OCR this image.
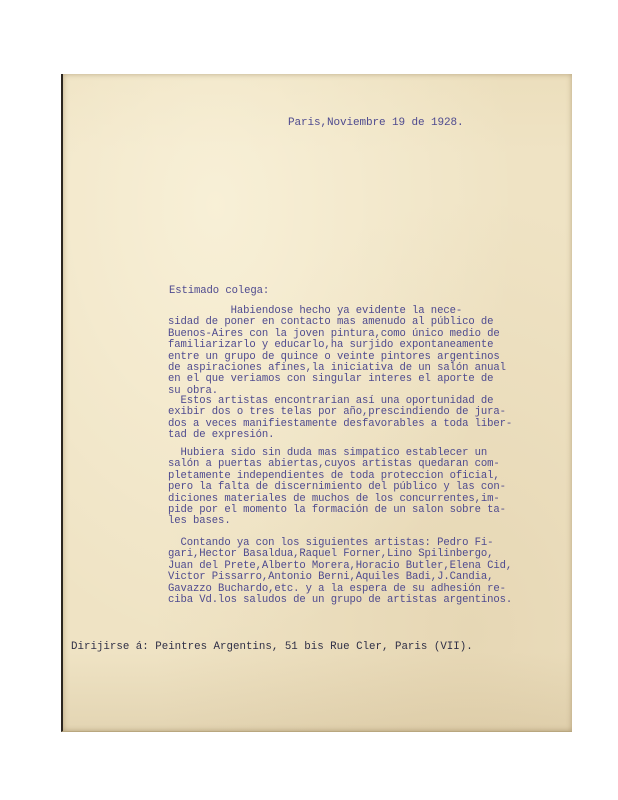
Paris,Noviembre 19 de 1928.
Estimado colega:
Habiendose hecho ya evidente la nece-
sidad de poner en contacto mas amenudo al público de
Buenos-Aires con la joven pintura,como único medio de
familiarizarlo y educarlo,ha surjido expontaneamente
entre un grupo de quince o veinte pintores argentinos
de aspiraciones afines,la iniciativa de un salón anual
en el que veriamos con singular interes el aporte de
su obra.
Estos artistas encontrarian así una oportunidad de
exibir dos o tres telas por año,prescindiendo de jura-
dos a veces manifiestamente desfavorables a toda liber-
tad de expresión.
Hubiera sido sin duda mas simpatico establecer un
salón a puertas abiertas,cuyos artistas quedaran com-
pletamente independientes de toda proteccion oficial,
pero la falta de discernimiento del público y las con-
diciones materiales de muchos de los concurrentes,im-
pide por el momento la formación de un salon sobre ta-
les bases.
Contando ya con los siguientes artistas: Pedro Fi-
gari,Hector Basaldua,Raquel Forner,Lino Spilinbergo,
Juan del Prete,Alberto Morera,Horacio Butler,Elena Cid,
Victor Pissarro,Antonio Berni,Aquiles Badi,J.Candia,
Gavazzo Buchardo,etc. y a la espera de su adhesión re-
ciba Vd.los saludos de un grupo de artistas argentinos.
Dirijirse á: Peintres Argentins, 51 bis Rue Cler, Paris (VII).
